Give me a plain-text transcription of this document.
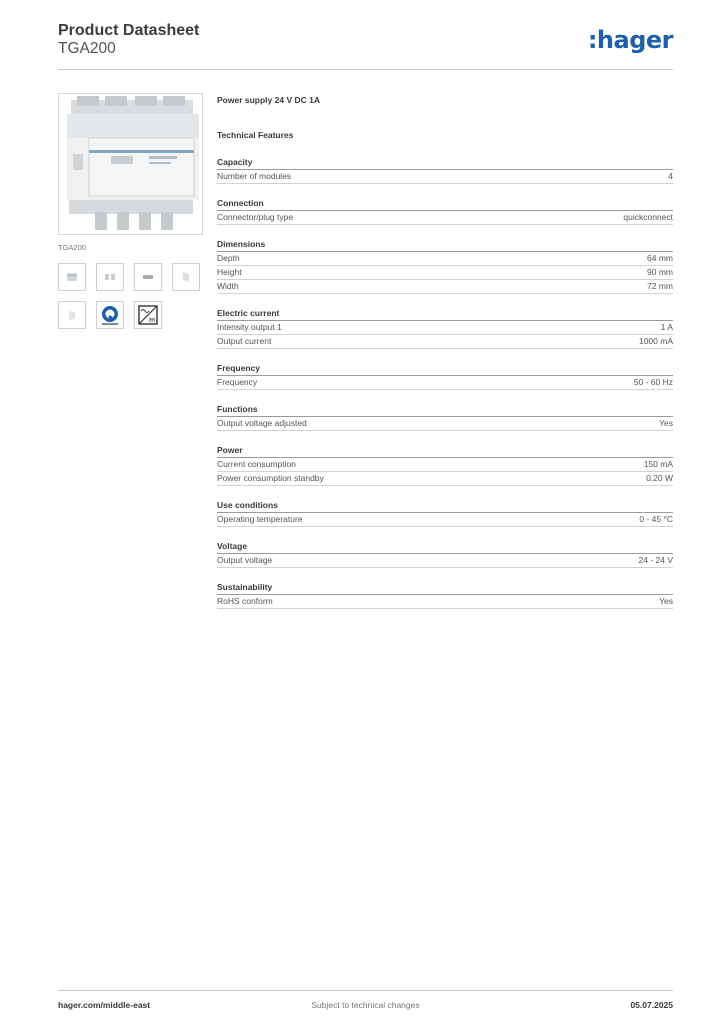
Product Datasheet
TGA200	:hager
TGA200
Power supply 24 V DC 1A
Technical Features
Capacity
Number of modules	4
Connection
Connector/plug type	quickconnect
Dimensions
Depth	64 mm
Height	90 mm
Width	72 mm
Electric current
Intensity output 1	1 A
Output current	1000 mA
Frequency
Frequency	50 - 60 Hz
Functions
Output voltage adjusted	Yes
Power
Current consumption	150 mA
Power consumption standby	0.20 W
Use conditions
Operating temperature	0 - 45 °C
Voltage
Output voltage	24 - 24 V
Sustainability
RoHS conform	Yes
hager.com/middle-east	Subject to technical changes	05.07.2025
